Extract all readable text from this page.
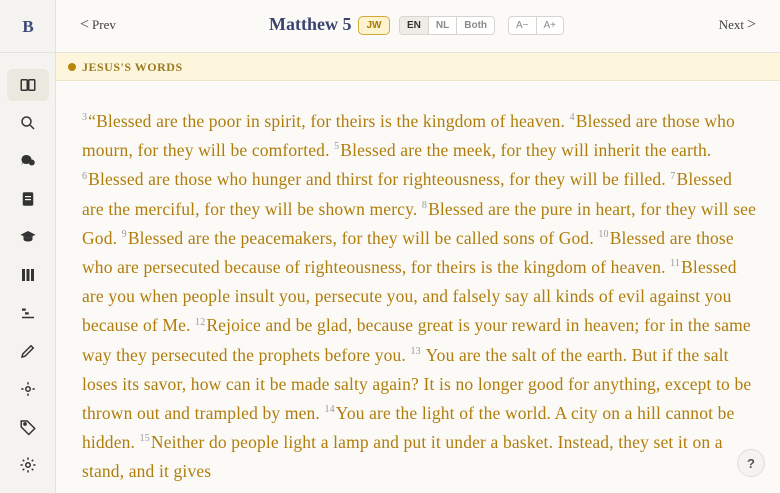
B	< Prev	Matthew 5	JW	EN	NL	Both	A−	A+	Next >
JESUS'S WORDS
$^3$“Blessed are the poor in spirit, for theirs is the kingdom of heaven. $^4$Blessed are those who mourn, for they will be comforted. $^5$Blessed are the meek, for they will inherit the earth. $^6$Blessed are those who hunger and thirst for righteousness, for they will be filled. $^7$Blessed are the merciful, for they will be shown mercy. $^8$Blessed are the pure in heart, for they will see God. $^9$Blessed are the peacemakers, for they will be called sons of God. $^{10}$Blessed are those who are persecuted because of righteousness, for theirs is the kingdom of heaven. $^{11}$Blessed are you when people insult you, persecute you, and falsely say all kinds of evil against you because of Me. $^{12}$Rejoice and be glad, because great is your reward in heaven; for in the same way they persecuted the prophets before you. $^{13}$ You are the salt of the earth. But if the salt loses its savor, how can it be made salty again? It is no longer good for anything, except to be thrown out and trampled by men. $^{14}$You are the light of the world. A city on a hill cannot be hidden. $^{15}$Neither do people light a lamp and put it under a basket. Instead, they set it on a stand, and it gives	?
